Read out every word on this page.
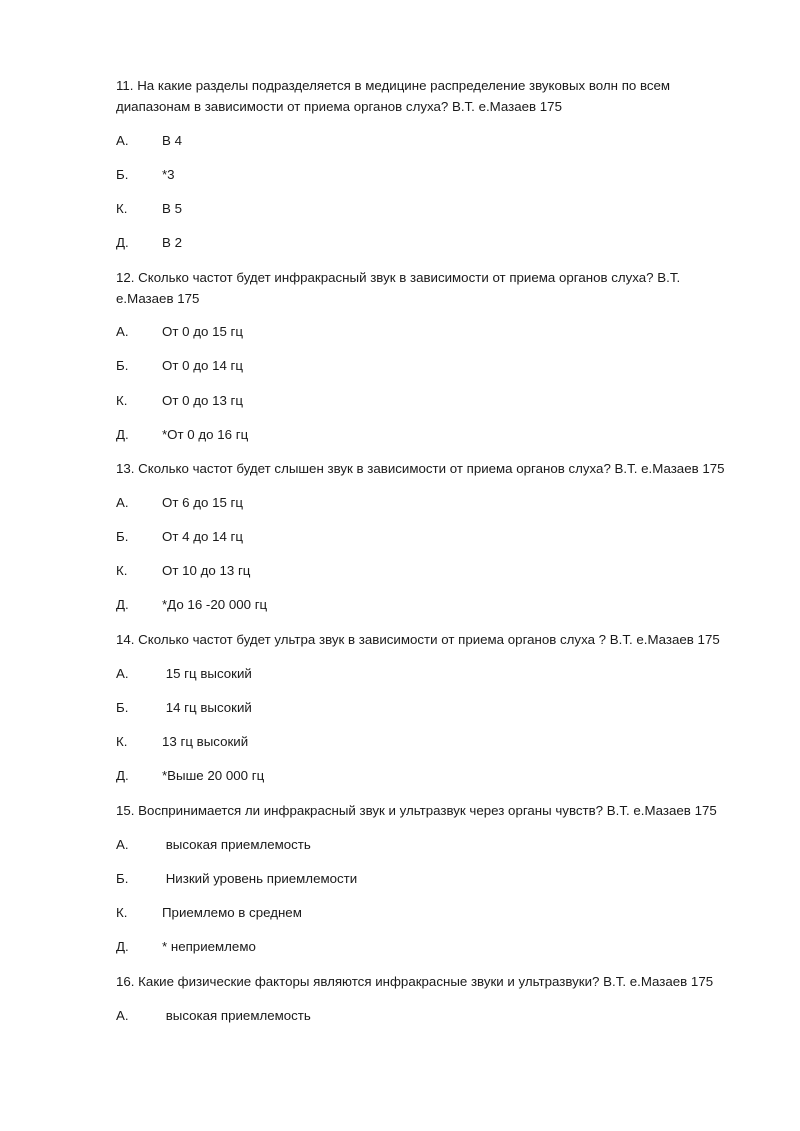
11. На какие разделы подразделяется в медицине распределение звуковых волн по всем диапазонам в зависимости от приема органов слуха? В.Т. е.Мазаев 175

А.	В 4
Б.	*3
К.	В 5
Д.	В 2

12. Сколько частот будет инфракрасный звук в зависимости от приема органов слуха? В.Т. е.Мазаев 175

А.	От 0 до 15 гц
Б.	От 0 до 14 гц
К.	От 0 до 13 гц
Д.	*От 0 до 16 гц

13. Сколько частот будет слышен звук в зависимости от приема органов слуха? В.Т. е.Мазаев 175

А.	От 6 до 15 гц
Б.	От 4 до 14 гц
К.	От 10 до 13 гц
Д.	*До 16 -20 000 гц

14. Сколько частот будет ультра звук в зависимости от приема органов слуха ? В.Т. е.Мазаев 175

А.	15 гц высокий
Б.	14 гц высокий
К.	13 гц высокий
Д.	*Выше 20 000 гц

15. Воспринимается ли инфракрасный звук и ультразвук через органы чувств? В.Т. е.Мазаев 175

А.	высокая приемлемость
Б.	Низкий уровень приемлемости
К.	Приемлемо в среднем
Д.	* неприемлемо

16. Какие физические факторы являются инфракрасные звуки и ультразвуки? В.Т. е.Мазаев 175

А.	высокая приемлемость
